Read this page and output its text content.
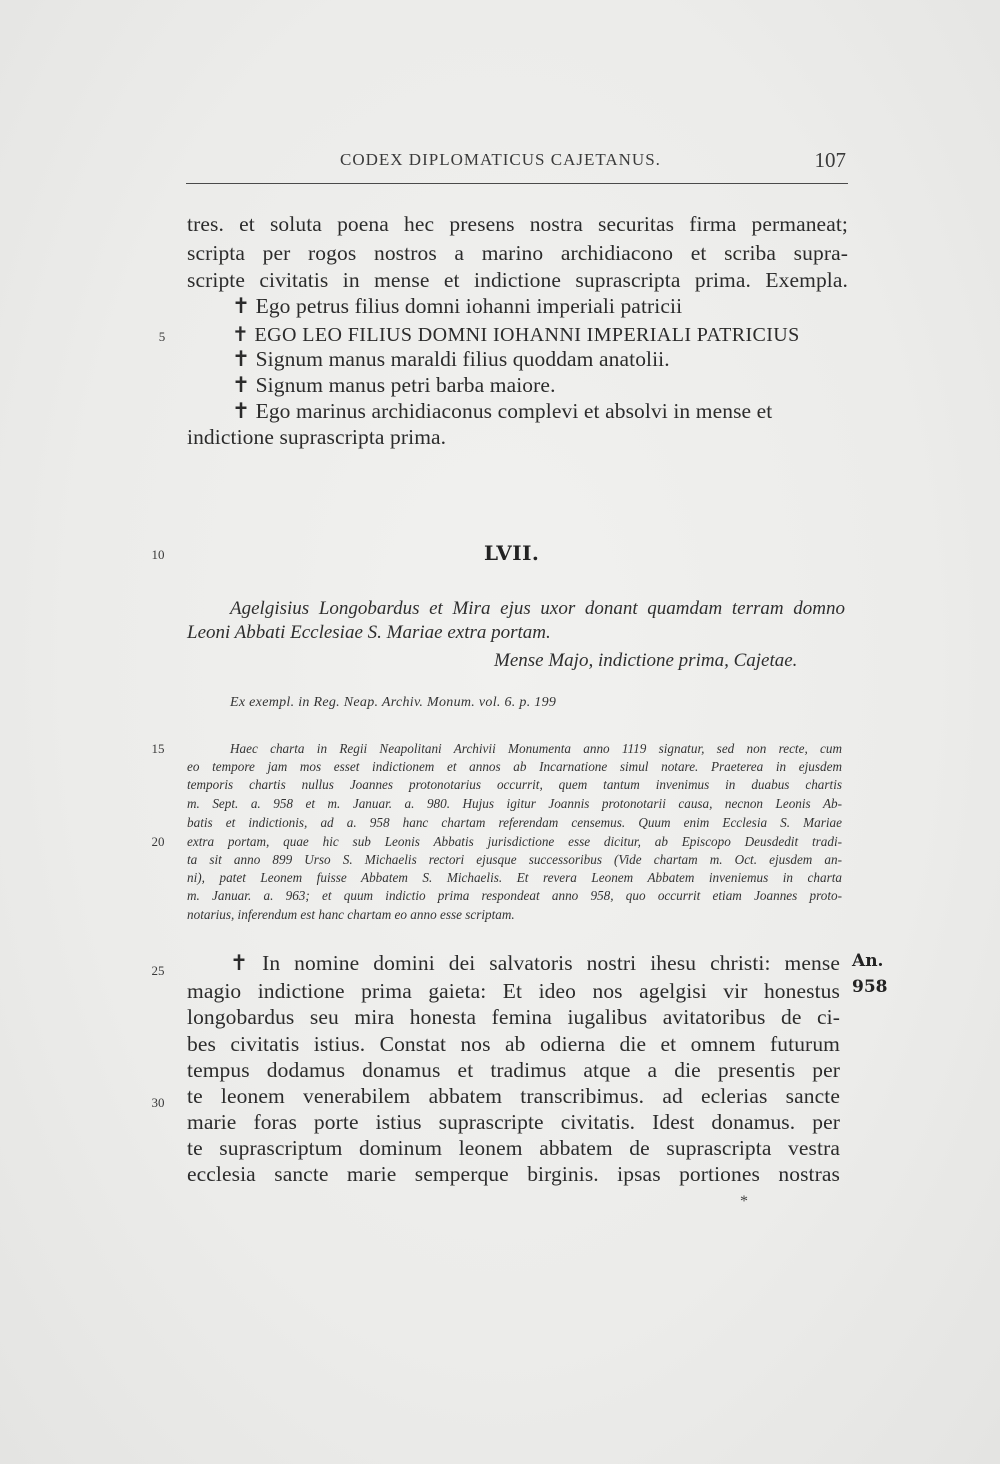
CODEX DIPLOMATICUS CAJETANUS.	107
tres. et soluta poena hec presens nostra securitas firma permaneat;
scripta per rogos nostros a marino archidiacono et scriba supra-
scripte civitatis in mense et indictione suprascripta prima. Exempla.
✝ Ego petrus filius domni iohanni imperiali patricii
✝ EGO LEO FILIUS DOMNI IOHANNI IMPERIALI PATRICIUS
✝ Signum manus maraldi filius quoddam anatolii.
✝ Signum manus petri barba maiore.
✝ Ego marinus archidiaconus complevi et absolvi in mense et
indictione suprascripta prima.
5
10
15
20
25
30
LVII.
Agelgisius Longobardus et Mira ejus uxor donant quamdam terram domno
Leoni Abbati Ecclesiae S. Mariae extra portam.
Mense Majo, indictione prima, Cajetae.
Ex exempl. in Reg. Neap. Archiv. Monum. vol. 6. p. 199
Haec charta in Regii Neapolitani Archivii Monumenta anno 1119 signatur, sed non recte, cum
eo tempore jam mos esset indictionem et annos ab Incarnatione simul notare. Praeterea in ejusdem
temporis chartis nullus Joannes protonotarius occurrit, quem tantum invenimus in duabus chartis
m. Sept. a. 958 et m. Januar. a. 980. Hujus igitur Joannis protonotarii causa, necnon Leonis Ab-
batis et indictionis, ad a. 958 hanc chartam referendam censemus. Quum enim Ecclesia S. Mariae
extra portam, quae hic sub Leonis Abbatis jurisdictione esse dicitur, ab Episcopo Deusdedit tradi-
ta sit anno 899 Urso S. Michaelis rectori ejusque successoribus (Vide chartam m. Oct. ejusdem an-
ni), patet Leonem fuisse Abbatem S. Michaelis. Et revera Leonem Abbatem inveniemus in charta
m. Januar. a. 963; et quum indictio prima respondeat anno 958, quo occurrit etiam Joannes proto-
notarius, inferendum est hanc chartam eo anno esse scriptam.
✝ In nomine domini dei salvatoris nostri ihesu christi: mense
magio indictione prima gaieta: Et ideo nos agelgisi vir honestus
longobardus seu mira honesta femina iugalibus avitatoribus de ci-
bes civitatis istius. Constat nos ab odierna die et omnem futurum
tempus dodamus donamus et tradimus atque a die presentis per
te leonem venerabilem abbatem transcribimus. ad eclerias sancte
marie foras porte istius suprascripte civitatis. Idest donamus. per
te suprascriptum dominum leonem abbatem de suprascripta vestra
ecclesia sancte marie semperque birginis. ipsas portiones nostras
An.
958
*
